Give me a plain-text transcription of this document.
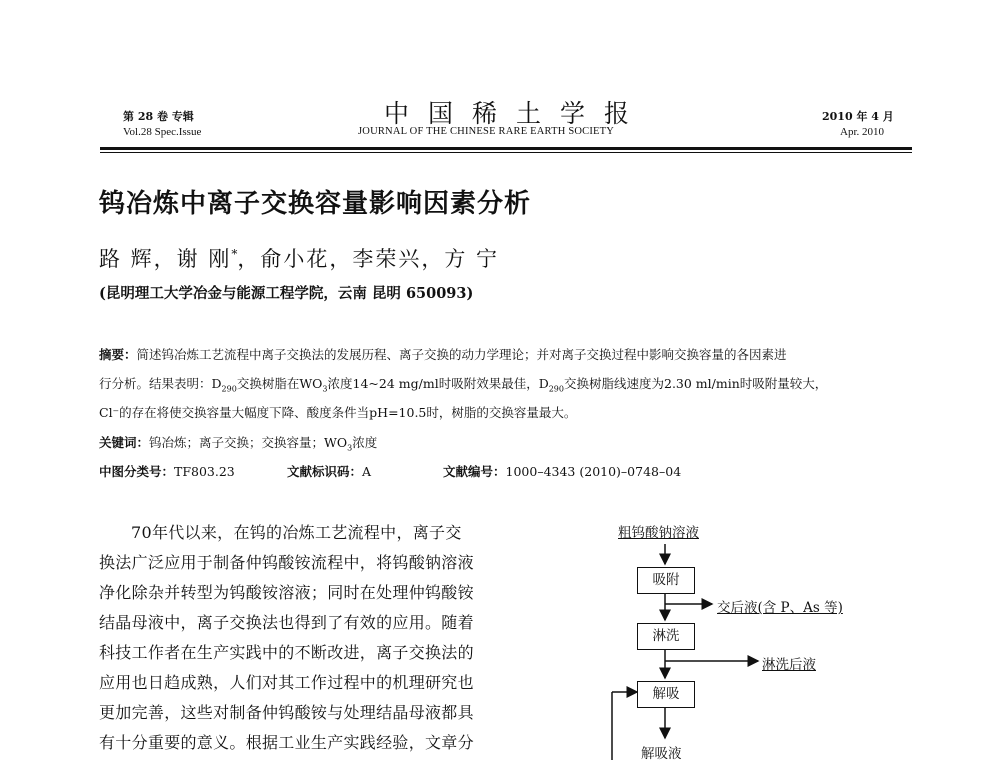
第 28 卷 专辑
Vol.28 Spec.Issue
中国稀土学报
JOURNAL OF THE CHINESE RARE EARTH SOCIETY
2010 年 4 月
Apr. 2010
钨冶炼中离子交换容量影响因素分析
路 辉，谢 刚*，俞小花，李荣兴，方 宁
(昆明理工大学冶金与能源工程学院，云南 昆明 650093)
摘要：简述钨冶炼工艺流程中离子交换法的发展历程、离子交换的动力学理论；并对离子交换过程中影响交换容量的各因素进
行分析。结果表明：$D_{290}$交换树脂在$WO_3$浓度14~24 mg/ml时吸附效果最佳，$D_{290}$交换树脂线速度为2.30 ml/min时吸附量较大，
Cl⁻的存在将使交换容量大幅度下降、酸度条件当pH=10.5时，树脂的交换容量最大。
关键词：钨冶炼；离子交换；交换容量；$WO_3$浓度
中图分类号：TF803.23	文献标识码：A	文献编号：1000–4343 (2010)–0748–04
70年代以来，在钨的冶炼工艺流程中，离子交
换法广泛应用于制备仲钨酸铵流程中，将钨酸钠溶液
净化除杂并转型为钨酸铵溶液；同时在处理仲钨酸铵
结晶母液中，离子交换法也得到了有效的应用。随着
科技工作者在生产实践中的不断改进，离子交换法的
应用也日趋成熟，人们对其工作过程中的机理研究也
更加完善，这些对制备仲钨酸铵与处理结晶母液都具
有十分重要的意义。根据工业生产实践经验，文章分
粗钨酸钠溶液
吸附
交后液(含 P、As 等)
淋洗
淋洗后液
解吸
解吸液
